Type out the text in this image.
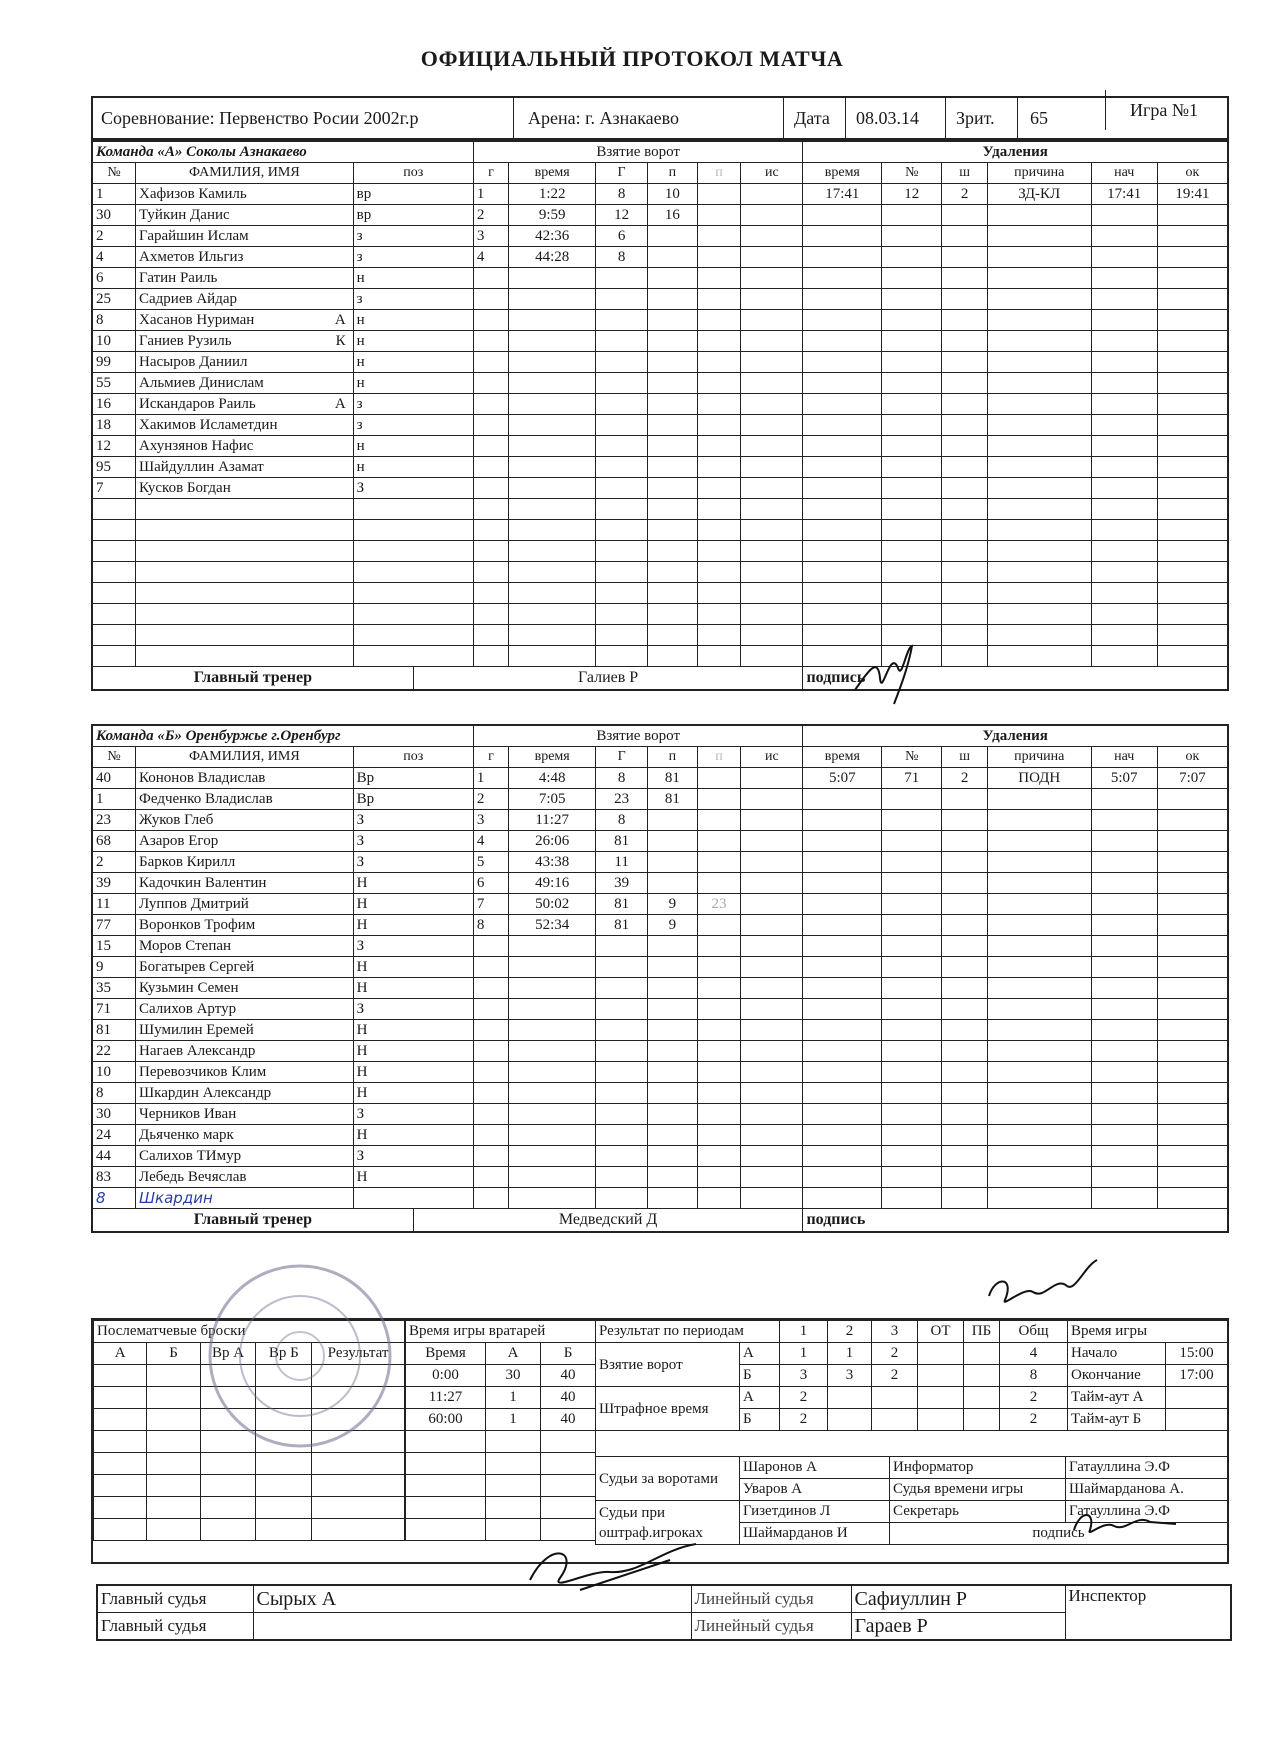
ОФИЦИАЛЬНЫЙ ПРОТОКОЛ МАТЧА
Соревнование: Первенство Росии 2002г.р	Арена: г. Азнакаево	Дата	08.03.14	Зрит.	65	Игра №1
Команда «А» Соколы Азнакаево				Взятие ворот						Удаления					
№	ФАМИЛИЯ, ИМЯ	поз		г	время	Г	п	п	ис	время	№	ш	причина	нач	ок
1	Хафизов Камиль	вр		1	1:22	8	10			17:41	12	2	ЗД-КЛ	17:41	19:41
30	Туйкин Данис	вр		2	9:59	12	16								
2	Гарайшин Ислам	з		3	42:36	6									
4	Ахметов Ильгиз	з		4	44:28	8									
6	Гатин Раиль	н													
25	Садриев Айдар	з													
8	Хасанов Нуриман А	н													
10	Ганиев Рузиль К	н													
99	Насыров Даниил	н													
55	Альмиев Динислам	н													
16	Искандаров Раиль А	з													
18	Хакимов Исламетдин	з													
12	Ахунзянов Нафис	н													
95	Шайдуллин Азамат	н													
7	Кусков Богдан	З													

Главный тренер			Галиев Р							подпись					
Команда «Б» Оренбуржье г.Оренбург				Взятие ворот						Удаления					
№	ФАМИЛИЯ, ИМЯ	поз		г	время	Г	п	п	ис	время	№	ш	причина	нач	ок
40	Кононов Владислав	Вр		1	4:48	8	81			5:07	71	2	ПОДН	5:07	7:07
1	Федченко Владислав	Вр		2	7:05	23	81								
23	Жуков Глеб	З		3	11:27	8									
68	Азаров Егор	З		4	26:06	81									
2	Барков Кирилл	З		5	43:38	11									
39	Кадочкин Валентин	Н		6	49:16	39									
11	Луппов Дмитрий	Н		7	50:02	81	9	23							
77	Воронков Трофим	Н		8	52:34	81	9								
15	Моров Степан	З													
9	Богатырев Сергей	Н													
35	Кузьмин Семен	Н													
71	Салихов Артур	З													
81	Шумилин Еремей	Н													
22	Нагаев Александр	Н													
10	Перевозчиков Клим	Н													
8	Шкардин Александр	Н													
30	Черников Иван	З													
24	Дьяченко марк	Н													
44	Салихов ТИмур	З													
83	Лебедь Вечяслав	Н													
8	Шкардин														
Главный тренер			Медведский Д							подпись					
Послематчевые броски				
А	Б	Вр А	Вр Б	Результат

Время игры вратарей		
Время	А	Б
0:00	30	40
11:27	1	40
60:00	1	40

Результат по периодам		1	2	3	ОТ	ПБ	Общ
Взятие ворот	А	1	1	2			4
	Б	3	3	2			8
Штрафное время	А	2					2
	Б	2					2
Время игры	
Начало	15:00
Окончание	17:00
Тайм-аут А	
Тайм-аут Б	
Судьи за воротами	Шаронов А	Информатор	Гатауллина Э.Ф
	Уваров А	Судья времени игры	Шаймарданова А.
Судьи при оштраф.игроках	Гизетдинов Л	Секретарь	Гатауллина Э.Ф
	Шаймарданов И	подпись	
Главный судья	Сырых А	Линейный судья	Сафиуллин Р	Инспектор
Главный судья		Линейный судья	Гараев Р	
